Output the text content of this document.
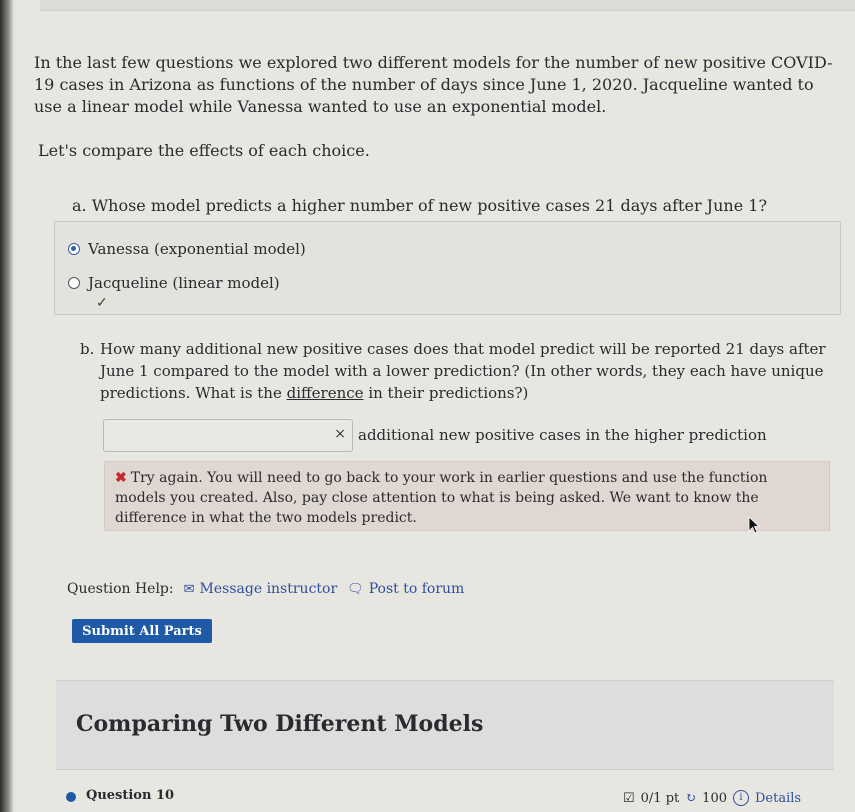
In the last few questions we explored two different models for the number of new positive COVID-19 cases in Arizona as functions of the number of days since June 1, 2020. Jacqueline wanted to use a linear model while Vanessa wanted to use an exponential model.
Let's compare the effects of each choice.
a. Whose model predicts a higher number of new positive cases 21 days after June 1?
Vanessa (exponential model)
Jacqueline (linear model)
✓
b. How many additional new positive cases does that model predict will be reported 21 days after June 1 compared to the model with a lower prediction? (In other words, they each have unique predictions. What is the difference in their predictions?)
× additional new positive cases in the higher prediction
✖ Try again. You will need to go back to your work in earlier questions and use the function models you created. Also, pay close attention to what is being asked. We want to know the difference in what the two models predict.
Question Help: ✉ Message instructor 🗨 Post to forum
Submit All Parts
Comparing Two Different Models
Question 10	☑ 0/1 pt ↻ 100	i Details
